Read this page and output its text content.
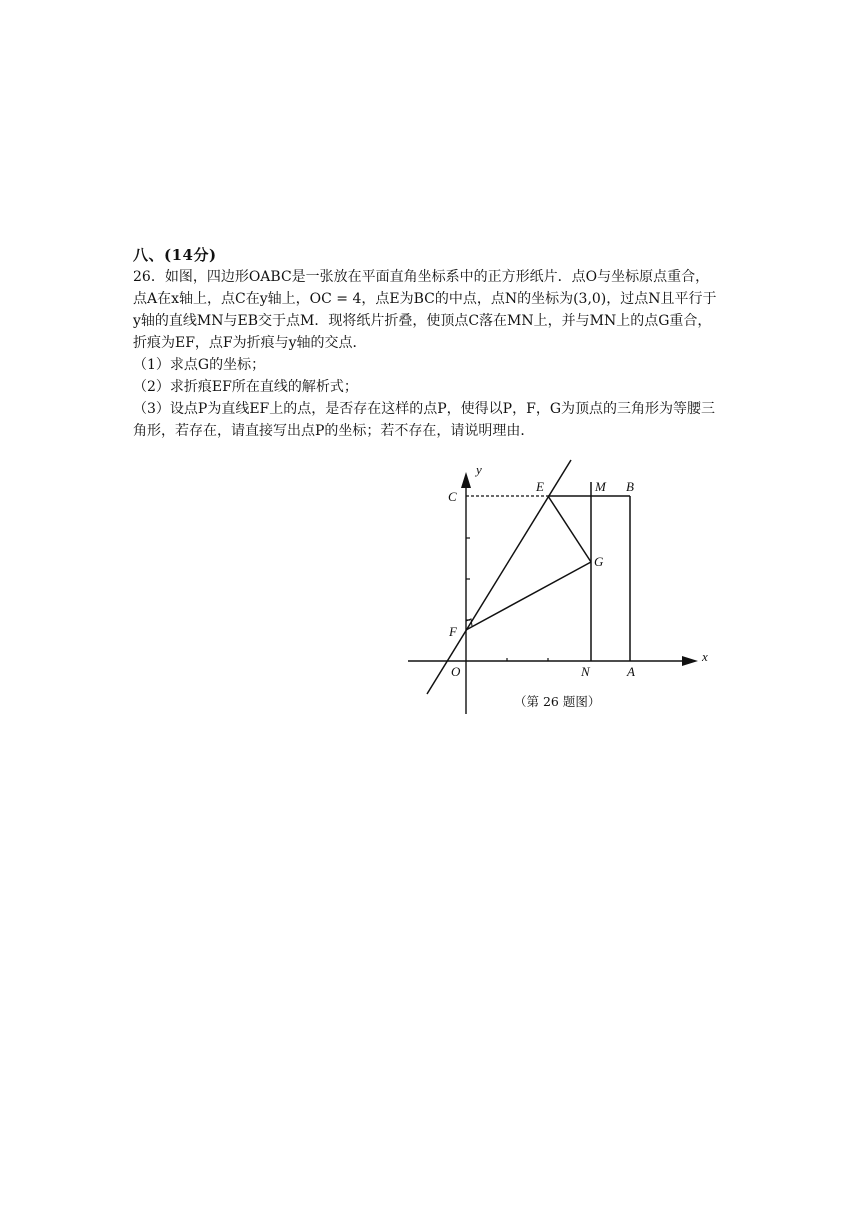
八、(14分)

26．如图，四边形OABC是一张放在平面直角坐标系中的正方形纸片．点O与坐标原点重合，点A在x轴上，点C在y轴上，OC = 4，点E为BC的中点，点N的坐标为(3,0)，过点N且平行于y轴的直线MN与EB交于点M．现将纸片折叠，使顶点C落在MN上，并与MN上的点G重合，折痕为EF，点F为折痕与y轴的交点．

（1）求点G的坐标；

（2）求折痕EF所在直线的解析式；

（3）设点P为直线EF上的点，是否存在这样的点P，使得以P，F，G为顶点的三角形为等腰三角形，若存在，请直接写出点P的坐标；若不存在，请说明理由．

y
x
C
E	M B
G
F
O	N	A
（第 26 题图）
